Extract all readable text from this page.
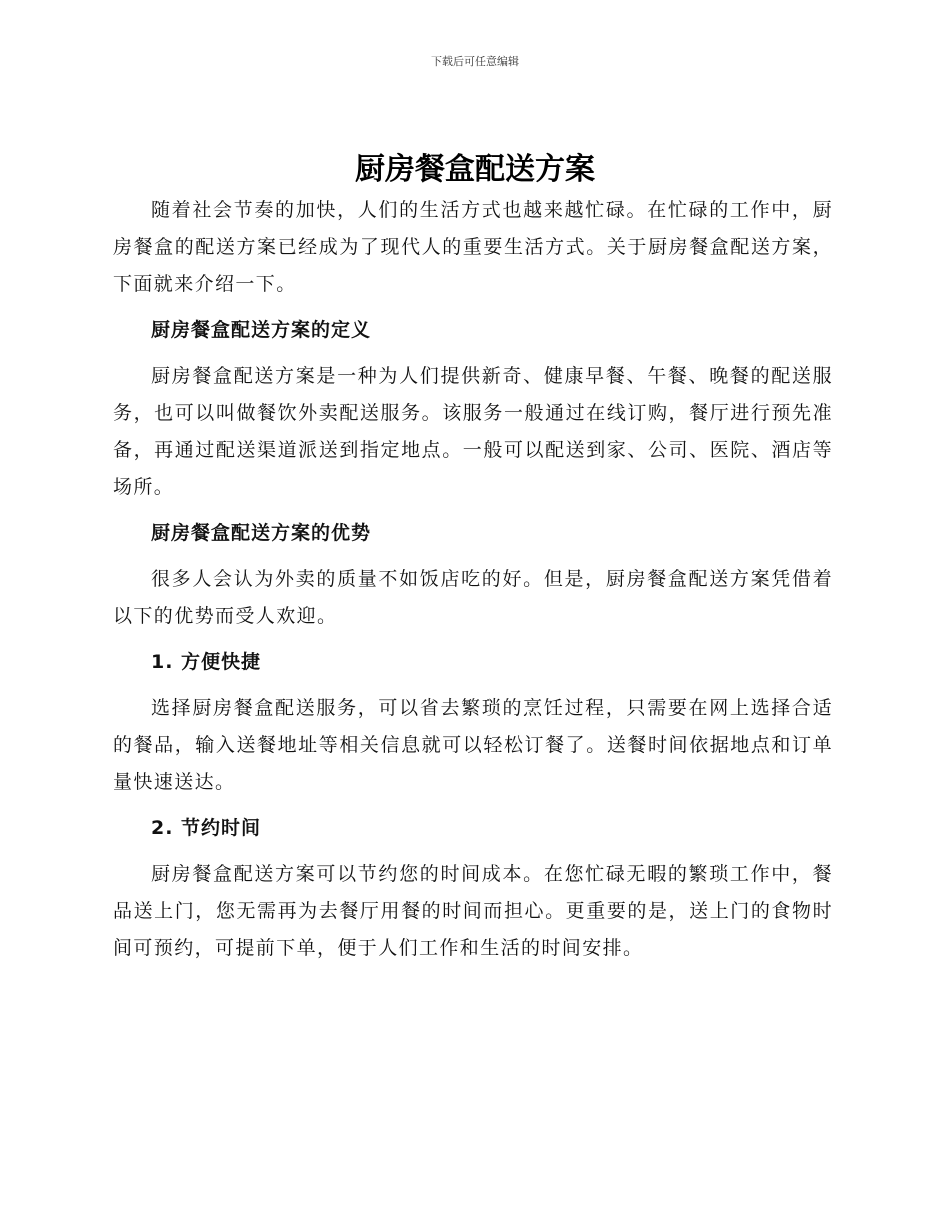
下载后可任意编辑
厨房餐盒配送方案

随着社会节奏的加快，人们的生活方式也越来越忙碌。在忙碌的工作中，厨房餐盒的配送方案已经成为了现代人的重要生活方式。关于厨房餐盒配送方案，下面就来介绍一下。

厨房餐盒配送方案的定义

厨房餐盒配送方案是一种为人们提供新奇、健康早餐、午餐、晚餐的配送服务，也可以叫做餐饮外卖配送服务。该服务一般通过在线订购，餐厅进行预先准备，再通过配送渠道派送到指定地点。一般可以配送到家、公司、医院、酒店等场所。

厨房餐盒配送方案的优势

很多人会认为外卖的质量不如饭店吃的好。但是，厨房餐盒配送方案凭借着以下的优势而受人欢迎。

1. 方便快捷

选择厨房餐盒配送服务，可以省去繁琐的烹饪过程，只需要在网上选择合适的餐品，输入送餐地址等相关信息就可以轻松订餐了。送餐时间依据地点和订单量快速送达。

2. 节约时间

厨房餐盒配送方案可以节约您的时间成本。在您忙碌无暇的繁琐工作中，餐品送上门，您无需再为去餐厅用餐的时间而担心。更重要的是，送上门的食物时间可预约，可提前下单，便于人们工作和生活的时间安排。
